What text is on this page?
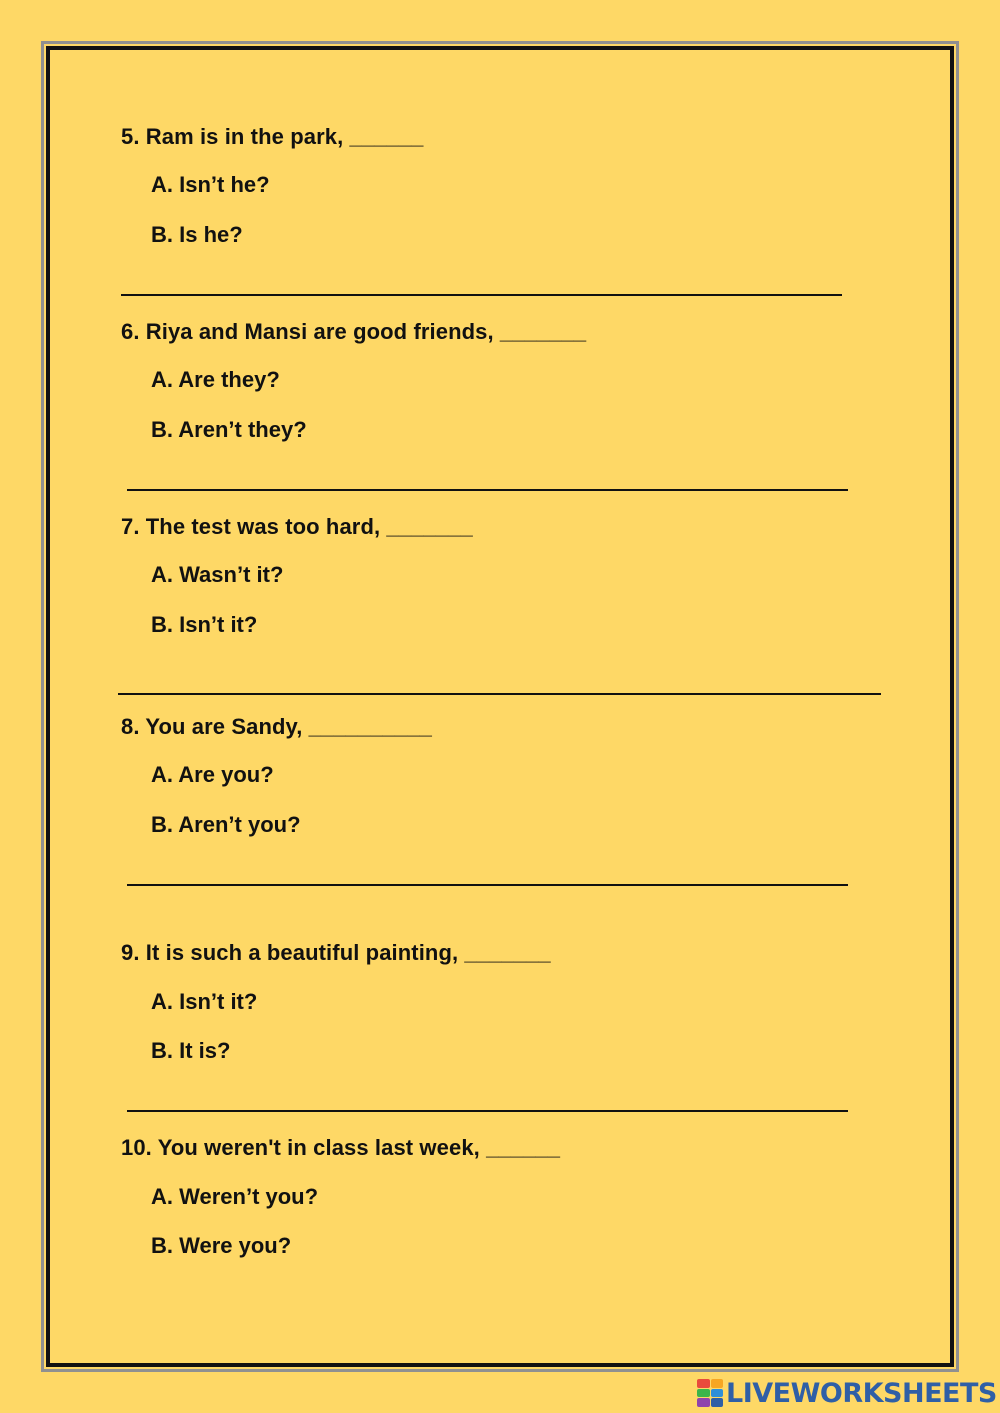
5. Ram is in the park, ______
A. Isn’t he?
B. Is he?
6. Riya and Mansi are good friends, _______
A. Are they?
B. Aren’t they?
7. The test was too hard, _______
A. Wasn’t it?
B. Isn’t it?
8. You are Sandy, __________
A. Are you?
B. Aren’t you?
9. It is such a beautiful painting, _______
A. Isn’t it?
B. It is?
10. You weren't in class last week, ______
A. Weren’t you?
B. Were you?
LIVEWORKSHEETS
